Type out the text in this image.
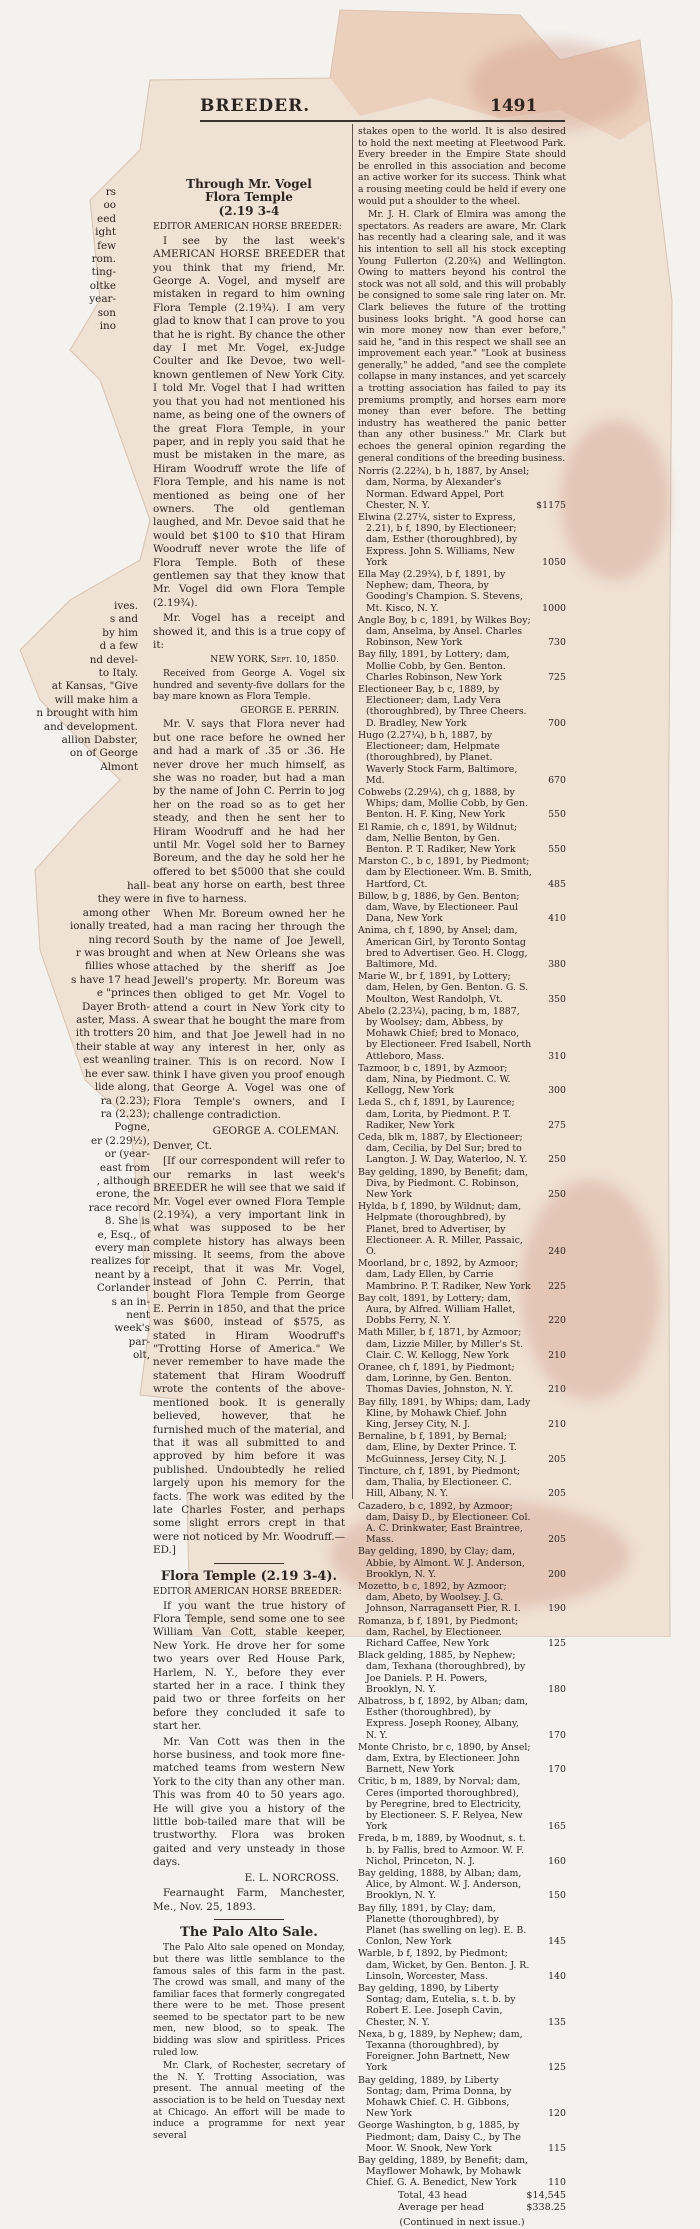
BREEDER.	1491
rs
oo
eed
ight
few
rom.
ting-
oltke
year-
son
ino
ives.
s and
by him
d a few
nd devel-
to Italy.
at Kansas, "Give
will make him a
n brought with him
and development.
allion Dabster,
on of George
Almont
hall-
they were
among other
ionally treated,
ning record
r was brought
fillies whose
s have 17 head
e "princes
Dayer Broth-
aster, Mass. A
ith trotters 20
their stable at
est weanling
he ever saw.
lide along,
ra (2.23);
ra (2.23);
Pogne,
er (2.29½),
or (year-
east from
, although
erone, the
race record
8. She is
e, Esq., of
every man
realizes for
neant by a
Corlander
s an in-
nent
week's
par-
olt,
Through Mr. Vogel
Flora Temple
(2.19 3-4

EDITOR AMERICAN HORSE BREEDER:

I see by the last week's AMERICAN HORSE BREEDER that you think that my friend, Mr. George A. Vogel, and myself are mistaken in regard to him owning Flora Temple (2.19¾). I am very glad to know that I can prove to you that he is right. By chance the other day I met Mr. Vogel, ex-Judge Coulter and Ike Devoe, two well-known gentlemen of New York City. I told Mr. Vogel that I had written you that you had not mentioned his name, as being one of the owners of the great Flora Temple, in your paper, and in reply you said that he must be mistaken in the mare, as Hiram Woodruff wrote the life of Flora Temple, and his name is not mentioned as being one of her owners. The old gentleman laughed, and Mr. Devoe said that he would bet $100 to $10 that Hiram Woodruff never wrote the life of Flora Temple. Both of these gentlemen say that they know that Mr. Vogel did own Flora Temple (2.19¾).

Mr. Vogel has a receipt and showed it, and this is a true copy of it:

NEW YORK, Sept. 10, 1850.

Received from George A. Vogel six hundred and seventy-five dollars for the bay mare known as Flora Temple.

GEORGE E. PERRIN.

Mr. V. says that Flora never had but one race before he owned her and had a mark of .35 or .36. He never drove her much himself, as she was no roader, but had a man by the name of John C. Perrin to jog her on the road so as to get her steady, and then he sent her to Hiram Woodruff and he had her until Mr. Vogel sold her to Barney Boreum, and the day he sold her he offered to bet $5000 that she could beat any horse on earth, best three in five to harness.

When Mr. Boreum owned her he had a man racing her through the South by the name of Joe Jewell, and when at New Orleans she was attached by the sheriff as Joe Jewell's property. Mr. Boreum was then obliged to get Mr. Vogel to attend a court in New York city to swear that he bought the mare from him, and that Joe Jewell had in no way any interest in her, only as trainer. This is on record. Now I think I have given you proof enough that George A. Vogel was one of Flora Temple's owners, and I challenge contradiction.

GEORGE A. COLEMAN.

Denver, Ct.

[If our correspondent will refer to our remarks in last week's BREEDER he will see that we said if Mr. Vogel ever owned Flora Temple (2.19¾), a very important link in what was supposed to be her complete history has always been missing. It seems, from the above receipt, that it was Mr. Vogel, instead of John C. Perrin, that bought Flora Temple from George E. Perrin in 1850, and that the price was $600, instead of $575, as stated in Hiram Woodruff's "Trotting Horse of America." We never remember to have made the statement that Hiram Woodruff wrote the contents of the above-mentioned book. It is generally believed, however, that he furnished much of the material, and that it was all submitted to and approved by him before it was published. Undoubtedly he relied largely upon his memory for the facts. The work was edited by the late Charles Foster, and perhaps some slight errors crept in that were not noticed by Mr. Woodruff.—ED.]

Flora Temple (2.19 3-4).

EDITOR AMERICAN HORSE BREEDER:

If you want the true history of Flora Temple, send some one to see William Van Cott, stable keeper, New York. He drove her for some two years over Red House Park, Harlem, N. Y., before they ever started her in a race. I think they paid two or three forfeits on her before they concluded it safe to start her.

Mr. Van Cott was then in the horse business, and took more fine-matched teams from western New York to the city than any other man. This was from 40 to 50 years ago. He will give you a history of the little bob-tailed mare that will be trustworthy. Flora was broken gaited and very unsteady in those days.

E. L. NORCROSS.

Fearnaught Farm, Manchester, Me., Nov. 25, 1893.

The Palo Alto Sale.

The Palo Alto sale opened on Monday, but there was little semblance to the famous sales of this farm in the past. The crowd was small, and many of the familiar faces that formerly congregated there were to be met. Those present seemed to be spectator part to be new men, new blood, so to speak. The bidding was slow and spiritless. Prices ruled low.

Mr. Clark, of Rochester, secretary of the N. Y. Trotting Association, was present. The annual meeting of the association is to be held on Tuesday next at Chicago. An effort will be made to induce a programme for next year several

stakes open to the world. It is also desired to hold the next meeting at Fleetwood Park. Every breeder in the Empire State should be enrolled in this association and become an active worker for its success. Think what a rousing meeting could be held if every one would put a shoulder to the wheel.

Mr. J. H. Clark of Elmira was among the spectators. As readers are aware, Mr. Clark has recently had a clearing sale, and it was his intention to sell all his stock excepting Young Fullerton (2.20¾) and Wellington. Owing to matters beyond his control the stock was not all sold, and this will probably be consigned to some sale ring later on. Mr. Clark believes the future of the trotting business looks bright. "A good horse can win more money now than ever before," said he, "and in this respect we shall see an improvement each year." "Look at business generally," he added, "and see the complete collapse in many instances, and yet scarcely a trotting association has failed to pay its premiums promptly, and horses earn more money than ever before. The betting industry has weathered the panic better than any other business." Mr. Clark but echoes the general opinion regarding the general conditions of the breeding business.

Norris (2.22¾), b h, 1887, by Ansel; dam, Norma, by Alexander's Norman. Edward Appel, Port Chester, N. Y.	$1175
Elwina (2.27¼, sister to Express, 2.21), b f, 1890, by Electioneer; dam, Esther (thoroughbred), by Express. John S. Williams, New York	1050
Ella May (2.29¾), b f, 1891, by Nephew; dam, Theora, by Gooding's Champion. S. Stevens, Mt. Kisco, N. Y.	1000
Angle Boy, b c, 1891, by Wilkes Boy; dam, Anselma, by Ansel. Charles Robinson, New York	730
Bay filly, 1891, by Lottery; dam, Mollie Cobb, by Gen. Benton. Charles Robinson, New York	725
Electioneer Bay, b c, 1889, by Electioneer; dam, Lady Vera (thoroughbred), by Three Cheers. D. Bradley, New York	700
Hugo (2.27¼), b h, 1887, by Electioneer; dam, Helpmate (thoroughbred), by Planet. Waverly Stock Farm, Baltimore, Md.	670
Cobwebs (2.29¼), ch g, 1888, by Whips; dam, Mollie Cobb, by Gen. Benton. H. F. King, New York	550
El Ramie, ch c, 1891, by Wildnut; dam, Nellie Benton, by Gen. Benton. P. T. Radiker, New York	550
Marston C., b c, 1891, by Piedmont; dam by Electioneer. Wm. B. Smith, Hartford, Ct.	485
Billow, b g, 1886, by Gen. Benton; dam, Wave, by Electioneer. Paul Dana, New York	410
Anima, ch f, 1890, by Ansel; dam, American Girl, by Toronto Sontag bred to Advertiser. Geo. H. Clogg, Baltimore, Md.	380
Marie W., br f, 1891, by Lottery; dam, Helen, by Gen. Benton. G. S. Moulton, West Randolph, Vt.	350
Abelo (2.23¼), pacing, b m, 1887, by Woolsey; dam, Abbess, by Mohawk Chief; bred to Monaco, by Electioneer. Fred Isabell, North Attleboro, Mass.	310
Tazmoor, b c, 1891, by Azmoor; dam, Nina, by Piedmont. C. W. Kellogg, New York	300
Leda S., ch f, 1891, by Laurence; dam, Lorita, by Piedmont. P. T. Radiker, New York	275
Ceda, blk m, 1887, by Electioneer; dam, Cecilia, by Del Sur; bred to Langton. J. W. Day, Waterloo, N. Y.	250
Bay gelding, 1890, by Benefit; dam, Diva, by Piedmont. C. Robinson, New York	250
Hylda, b f, 1890, by Wildnut; dam, Helpmate (thoroughbred), by Planet, bred to Advertiser, by Electioneer. A. R. Miller, Passaic, O.	240
Moorland, br c, 1892, by Azmoor; dam, Lady Ellen, by Carrie Mambrino. P. T. Radiker, New York	225
Bay colt, 1891, by Lottery; dam, Aura, by Alfred. William Hallet, Dobbs Ferry, N. Y.	220
Math Miller, b f, 1871, by Azmoor; dam, Lizzie Miller, by Miller's St. Clair. C. W. Kellogg, New York	210
Oranee, ch f, 1891, by Piedmont; dam, Lorinne, by Gen. Benton. Thomas Davies, Johnston, N. Y.	210
Bay filly, 1891, by Whips; dam, Lady Kline, by Mohawk Chief. John King, Jersey City, N. J.	210
Bernaline, b f, 1891, by Bernal; dam, Eline, by Dexter Prince. T. McGuinness, Jersey City, N. J.	205
Tincture, ch f, 1891, by Piedmont; dam, Thalia, by Electioneer. C. Hill, Albany, N. Y.	205
Cazadero, b c, 1892, by Azmoor; dam, Daisy D., by Electioneer. Col. A. C. Drinkwater, East Braintree, Mass.	205
Bay gelding, 1890, by Clay; dam, Abbie, by Almont. W. J. Anderson, Brooklyn, N. Y.	200
Mozetto, b c, 1892, by Azmoor; dam, Abeto, by Woolsey. J. G. Johnson, Narragansett Pier, R. I.	190
Romanza, b f, 1891, by Piedmont; dam, Rachel, by Electioneer. Richard Caffee, New York	125
Black gelding, 1885, by Nephew; dam, Texhana (thoroughbred), by Joe Daniels. P. H. Powers, Brooklyn, N. Y.	180
Albatross, b f, 1892, by Alban; dam, Esther (thoroughbred), by Express. Joseph Rooney, Albany, N. Y.	170
Monte Christo, br c, 1890, by Ansel; dam, Extra, by Electioneer. John Barnett, New York	170
Critic, b m, 1889, by Norval; dam, Ceres (imported thoroughbred), by Peregrine, bred to Electricity, by Electioneer. S. F. Relyea, New York	165
Freda, b m, 1889, by Woodnut, s. t. b. by Fallis, bred to Azmoor. W. F. Nichol, Princeton, N. J.	160
Bay gelding, 1888, by Alban; dam, Alice, by Almont. W. J. Anderson, Brooklyn, N. Y.	150
Bay filly, 1891, by Clay; dam, Planette (thoroughbred), by Planet (has swelling on leg). E. B. Conlon, New York	145
Warble, b f, 1892, by Piedmont; dam, Wicket, by Gen. Benton. J. R. Linsoln, Worcester, Mass.	140
Bay gelding, 1890, by Liberty Sontag; dam, Eutelia, s. t. b. by Robert E. Lee. Joseph Cavin, Chester, N. Y.	135
Nexa, b g, 1889, by Nephew; dam, Texanna (thoroughbred), by Foreigner. John Bartnett, New York	125
Bay gelding, 1889, by Liberty Sontag; dam, Prima Donna, by Mohawk Chief. C. H. Gibbons, New York	120
George Washington, b g, 1885, by Piedmont; dam, Daisy C., by The Moor. W. Snook, New York	115
Bay gelding, 1889, by Benefit; dam, Mayflower Mohawk, by Mohawk Chief. G. A. Benedict, New York	110
Total, 43 head	$14,545
Average per head	$338.25
(Continued in next issue.)
